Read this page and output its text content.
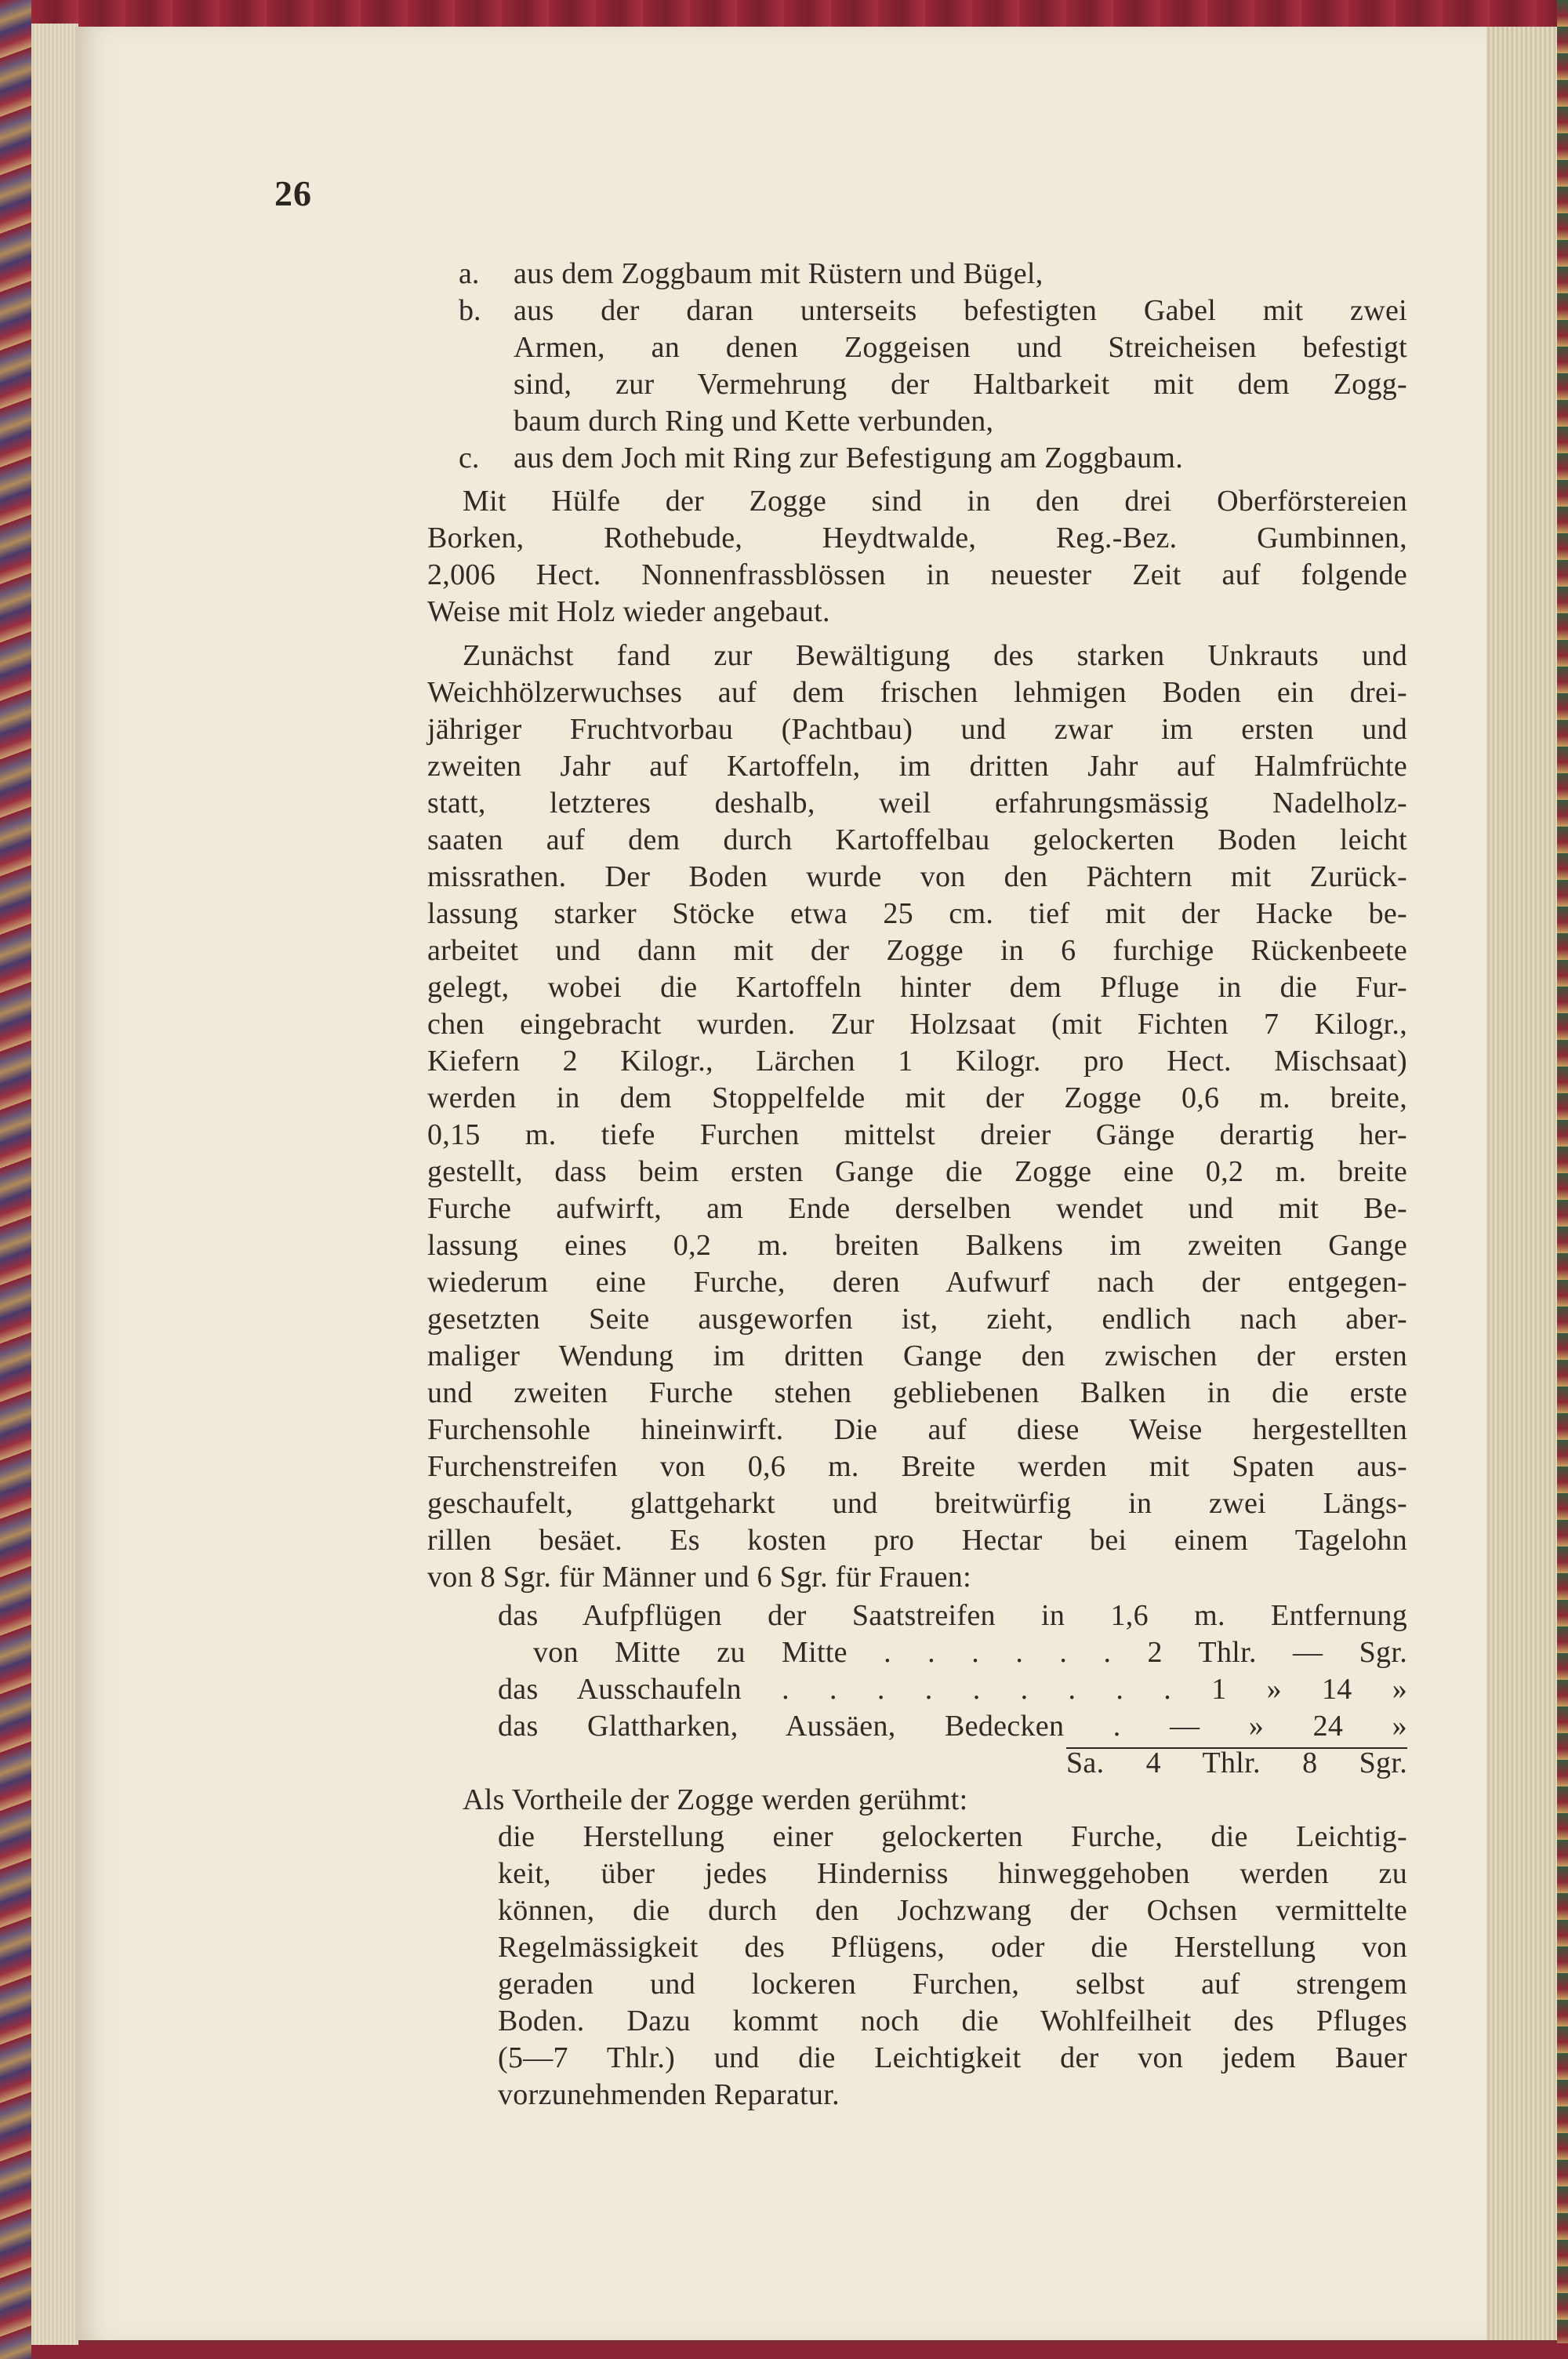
26
a. aus dem Zoggbaum mit Rüstern und Bügel,

b. aus der daran unterseits befestigten Gabel mit zwei

Armen, an denen Zoggeisen und Streicheisen befestigt

sind, zur Vermehrung der Haltbarkeit mit dem Zogg-

baum durch Ring und Kette verbunden,

c. aus dem Joch mit Ring zur Befestigung am Zoggbaum.

Mit Hülfe der Zogge sind in den drei Oberförstereien

Borken, Rothebude, Heydtwalde, Reg.-Bez. Gumbinnen,

2,006 Hect. Nonnenfrassblössen in neuester Zeit auf folgende

Weise mit Holz wieder angebaut.

Zunächst fand zur Bewältigung des starken Unkrauts und

Weichhölzerwuchses auf dem frischen lehmigen Boden ein drei-

jähriger Fruchtvorbau (Pachtbau) und zwar im ersten und

zweiten Jahr auf Kartoffeln, im dritten Jahr auf Halmfrüchte

statt, letzteres deshalb, weil erfahrungsmässig Nadelholz-

saaten auf dem durch Kartoffelbau gelockerten Boden leicht

missrathen. Der Boden wurde von den Pächtern mit Zurück-

lassung starker Stöcke etwa 25 cm. tief mit der Hacke be-

arbeitet und dann mit der Zogge in 6 furchige Rückenbeete

gelegt, wobei die Kartoffeln hinter dem Pfluge in die Fur-

chen eingebracht wurden. Zur Holzsaat (mit Fichten 7 Kilogr.,

Kiefern 2 Kilogr., Lärchen 1 Kilogr. pro Hect. Mischsaat)

werden in dem Stoppelfelde mit der Zogge 0,6 m. breite,

0,15 m. tiefe Furchen mittelst dreier Gänge derartig her-

gestellt, dass beim ersten Gange die Zogge eine 0,2 m. breite

Furche aufwirft, am Ende derselben wendet und mit Be-

lassung eines 0,2 m. breiten Balkens im zweiten Gange

wiederum eine Furche, deren Aufwurf nach der entgegen-

gesetzten Seite ausgeworfen ist, zieht, endlich nach aber-

maliger Wendung im dritten Gange den zwischen der ersten

und zweiten Furche stehen gebliebenen Balken in die erste

Furchensohle hineinwirft. Die auf diese Weise hergestellten

Furchenstreifen von 0,6 m. Breite werden mit Spaten aus-

geschaufelt, glattgeharkt und breitwürfig in zwei Längs-

rillen besäet. Es kosten pro Hectar bei einem Tagelohn

von 8 Sgr. für Männer und 6 Sgr. für Frauen:

das Aufpflügen der Saatstreifen in 1,6 m. Entfernung

von Mitte zu Mitte . . . . . . 2 Thlr. — Sgr.

das Ausschaufeln . . . . . . . . . 1 » 14 »

das Glattharken, Aussäen, Bedecken . — » 24 »

Sa. 4 Thlr. 8 Sgr.

Als Vortheile der Zogge werden gerühmt:

die Herstellung einer gelockerten Furche, die Leichtig-

keit, über jedes Hinderniss hinweggehoben werden zu

können, die durch den Jochzwang der Ochsen vermittelte

Regelmässigkeit des Pflügens, oder die Herstellung von

geraden und lockeren Furchen, selbst auf strengem

Boden. Dazu kommt noch die Wohlfeilheit des Pfluges

(5—7 Thlr.) und die Leichtigkeit der von jedem Bauer

vorzunehmenden Reparatur.
